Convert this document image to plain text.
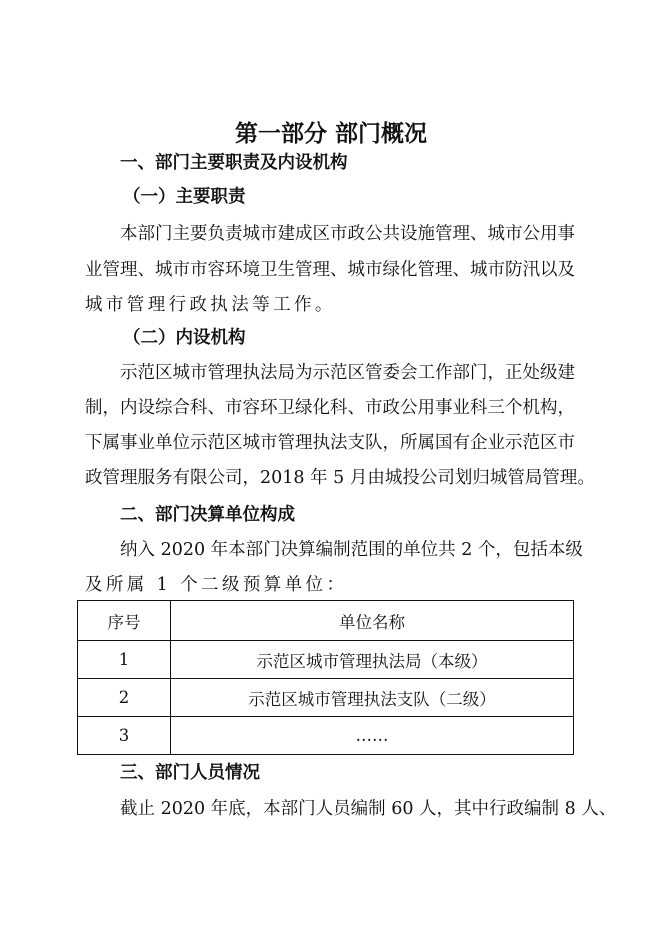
第一部分 部门概况
一、部门主要职责及内设机构
（一）主要职责
本部门主要负责城市建成区市政公共设施管理、城市公用事
业管理、城市市容环境卫生管理、城市绿化管理、城市防汛以及
城市管理行政执法等工作。
（二）内设机构
示范区城市管理执法局为示范区管委会工作部门，正处级建
制，内设综合科、市容环卫绿化科、市政公用事业科三个机构，
下属事业单位示范区城市管理执法支队，所属国有企业示范区市
政管理服务有限公司，2018 年 5 月由城投公司划归城管局管理。
二、部门决算单位构成
纳入 2020 年本部门决算编制范围的单位共 2 个，包括本级
及所属 1 个二级预算单位：
序号	单位名称
1	示范区城市管理执法局（本级）
2	示范区城市管理执法支队（二级）
3	……
三、部门人员情况
截止 2020 年底，本部门人员编制 60 人，其中行政编制 8 人、
